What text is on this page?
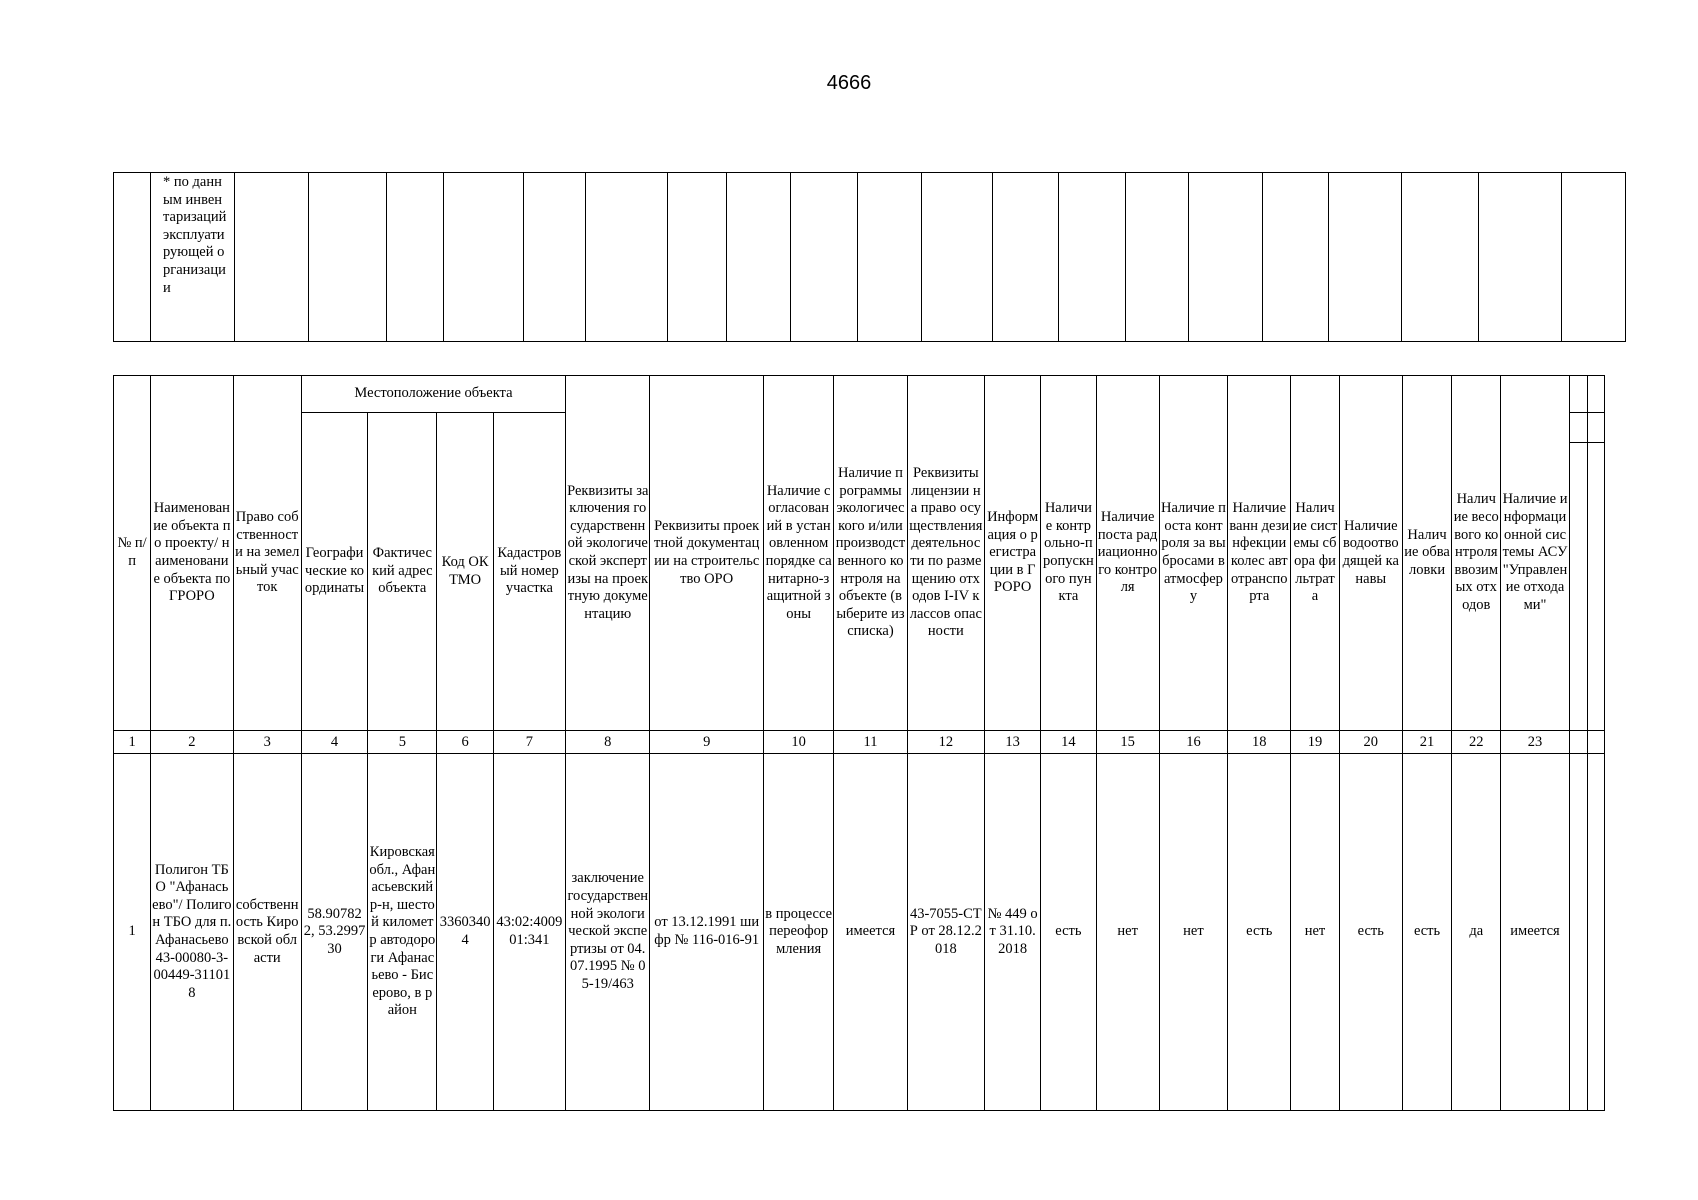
4666
	* по данным инвентаризаций эксплуатирующей организации																				
№ п/п	Наименование объекта по проекту/ наименование объекта по ГРОРО	Право собственности на земельный участок	Местоположение объекта				Реквизиты заключения государственной экологической экспертизы на проектную документацию	Реквизиты проектной документации на строительство ОРО	Наличие согласований в установленном порядке санитарно-защитной зоны	Наличие программы экологического и/или производственного контроля на объекте (выберите из списка)	Реквизиты лицензии на право осуществления деятельности по размещению отходов I-IV классов опасности	Информация о регистрации в ГРОРО	Наличие контрольно-пропускного пункта	Наличие поста радиационного контроля	Наличие поста контроля за выбросами в атмосферу	Наличие ванн дезинфекции колес автотранспорта	Наличие системы сбора фильтрата	Наличие водоотводящей канавы	Наличие обваловки	Наличие весового контроля ввозимых отходов	Наличие информационной системы АСУ "Управление отходами"		
			Географические координаты	Фактический адрес объекта	Код ОКТМО	Кадастровый номер участка																	

1	2	3	4	5	6	7	8	9	10	11	12	13	14	15	16	18	19	20	21	22	23		
1	Полигон ТБО "Афанасьево"/ Полигон ТБО для п. Афанасьево 43-00080-3-00449-311018	собственность Кировской области	58.907822, 53.299730	Кировская обл., Афанасьевский р-н, шестой километр автодороги Афанасьево - Бисерово, в район	33603404	43:02:400901:341	заключение государственной экологической экспертизы от 04.07.1995 № 05-19/463	от 13.12.1991 шифр № 116-016-91	в процессе переоформления	имеется	43-7055-СТР от 28.12.2018	№ 449 от 31.10.2018	есть	нет	нет	есть	нет	есть	есть	да	имеется		
